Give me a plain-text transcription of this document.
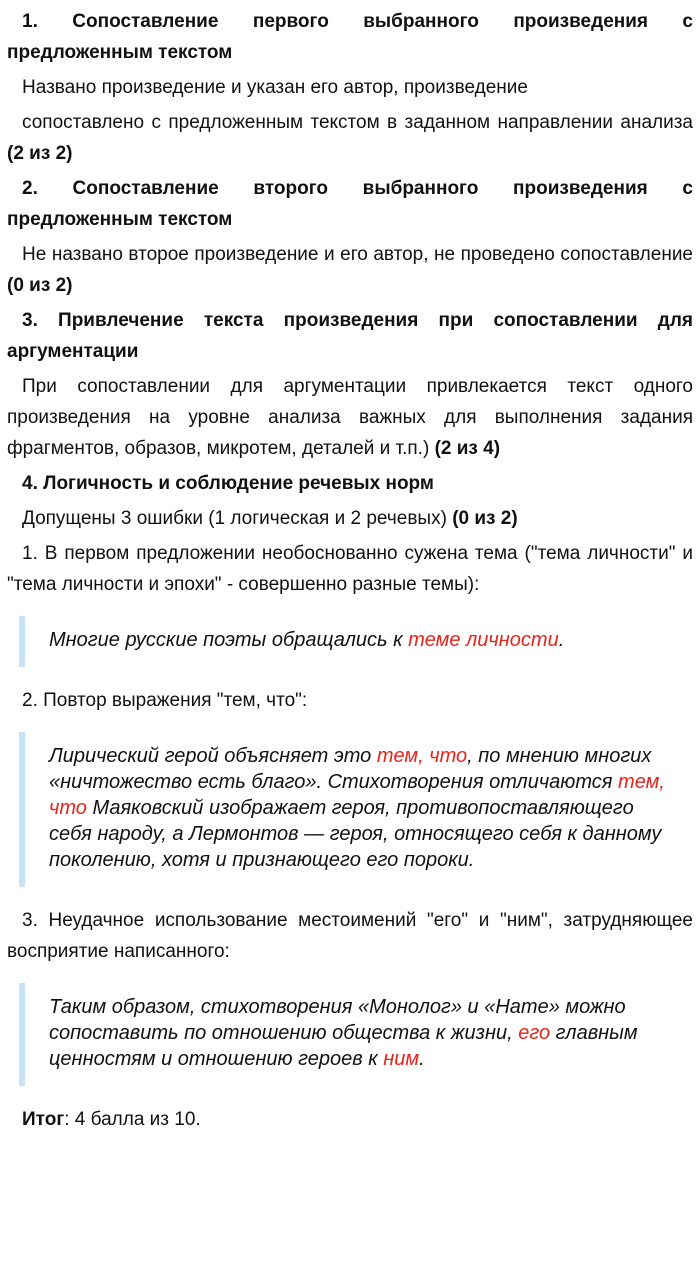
1. Сопоставление первого выбранного произведения с предложенным текстом

Названо произведение и указан его автор, произведение

сопоставлено с предложенным текстом в заданном направлении анализа (2 из 2)

2. Сопоставление второго выбранного произведения с предложенным текстом

Не названо второе произведение и его автор, не проведено сопоставление (0 из 2)

3. Привлечение текста произведения при сопоставлении для аргументации

При сопоставлении для аргументации привлекается текст одного произведения на уровне анализа важных для выполнения задания фрагментов, образов, микротем, деталей и т.п.) (2 из 4)

4. Логичность и соблюдение речевых норм

Допущены 3 ошибки (1 логическая и 2 речевых) (0 из 2)

1. В первом предложении необоснованно сужена тема ("тема личности" и "тема личности и эпохи" - совершенно разные темы):

Многие русские поэты обращались к теме личности.

2. Повтор выражения "тем, что":

Лирический герой объясняет это тем, что, по мнению многих «ничтожество есть благо». Стихотворения отличаются тем, что Маяковский изображает героя, противопоставляющего себя народу, а Лермонтов — героя, относящего себя к данному поколению, хотя и признающего его пороки.

3. Неудачное использование местоимений "его" и "ним", затрудняющее восприятие написанного:

Таким образом, стихотворения «Монолог» и «Нате» можно сопоставить по отношению общества к жизни, его главным ценностям и отношению героев к ним.

Итог: 4 балла из 10.
